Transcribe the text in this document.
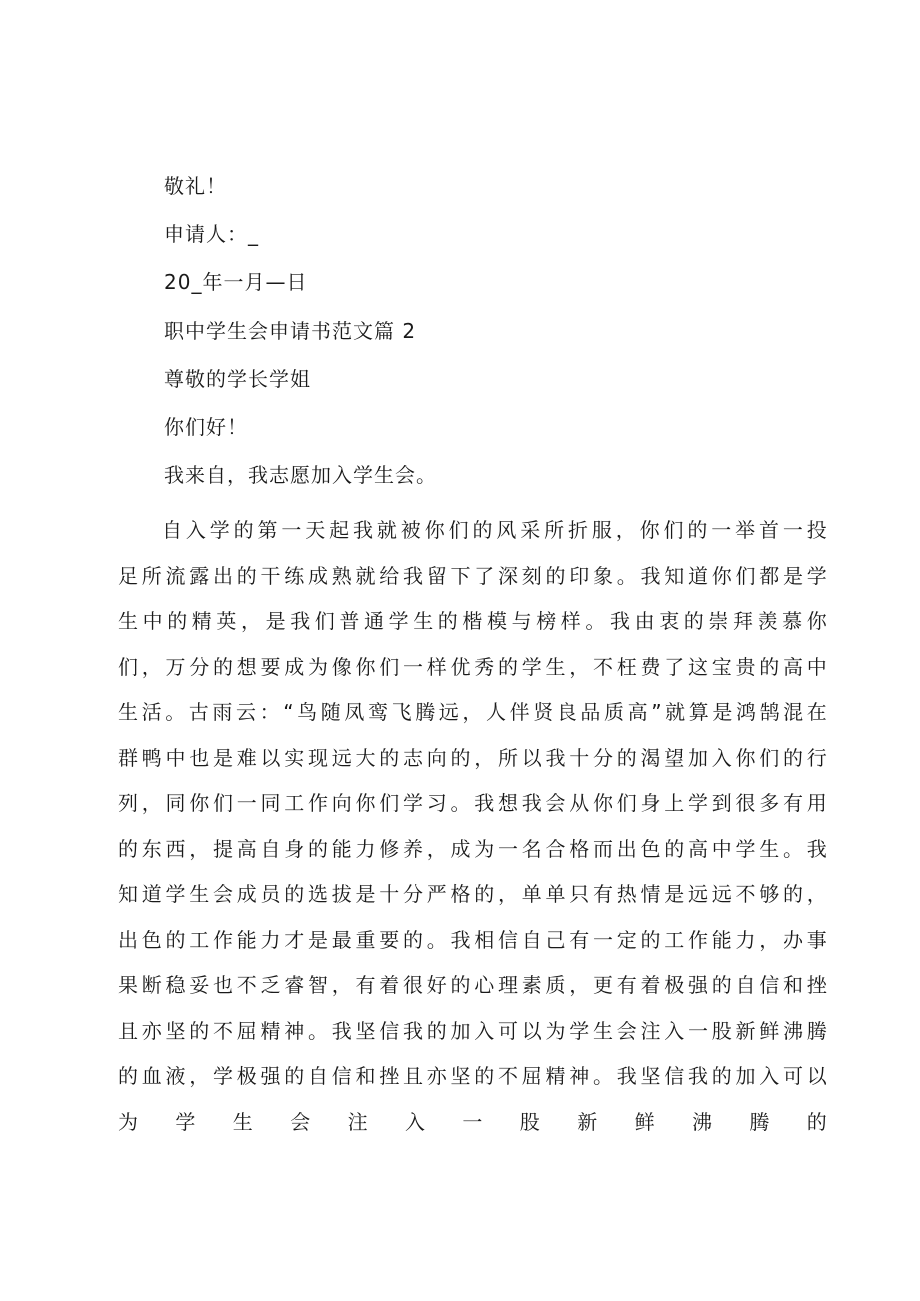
敬礼！
申请人：_
20_年一月—日
职中学生会申请书范文篇 2
尊敬的学长学姐
你们好！
我来自，我志愿加入学生会。
自入学的第一天起我就被你们的风采所折服，你们的一举首一投足所流露出的干练成熟就给我留下了深刻的印象。我知道你们都是学生中的精英，是我们普通学生的楷模与榜样。我由衷的崇拜羡慕你们，万分的想要成为像你们一样优秀的学生，不枉费了这宝贵的高中生活。古雨云：“鸟随凤鸾飞腾远，人伴贤良品质高”就算是鸿鹄混在群鸭中也是难以实现远大的志向的，所以我十分的渴望加入你们的行列，同你们一同工作向你们学习。我想我会从你们身上学到很多有用的东西，提高自身的能力修养，成为一名合格而出色的高中学生。我知道学生会成员的选拔是十分严格的，单单只有热情是远远不够的，出色的工作能力才是最重要的。我相信自己有一定的工作能力，办事果断稳妥也不乏睿智，有着很好的心理素质，更有着极强的自信和挫且亦坚的不屈精神。我坚信我的加入可以为学生会注入一股新鲜沸腾的血液，学极强的自信和挫且亦坚的不屈精神。我坚信我的加入可以为学生会注入一股新鲜沸腾的
